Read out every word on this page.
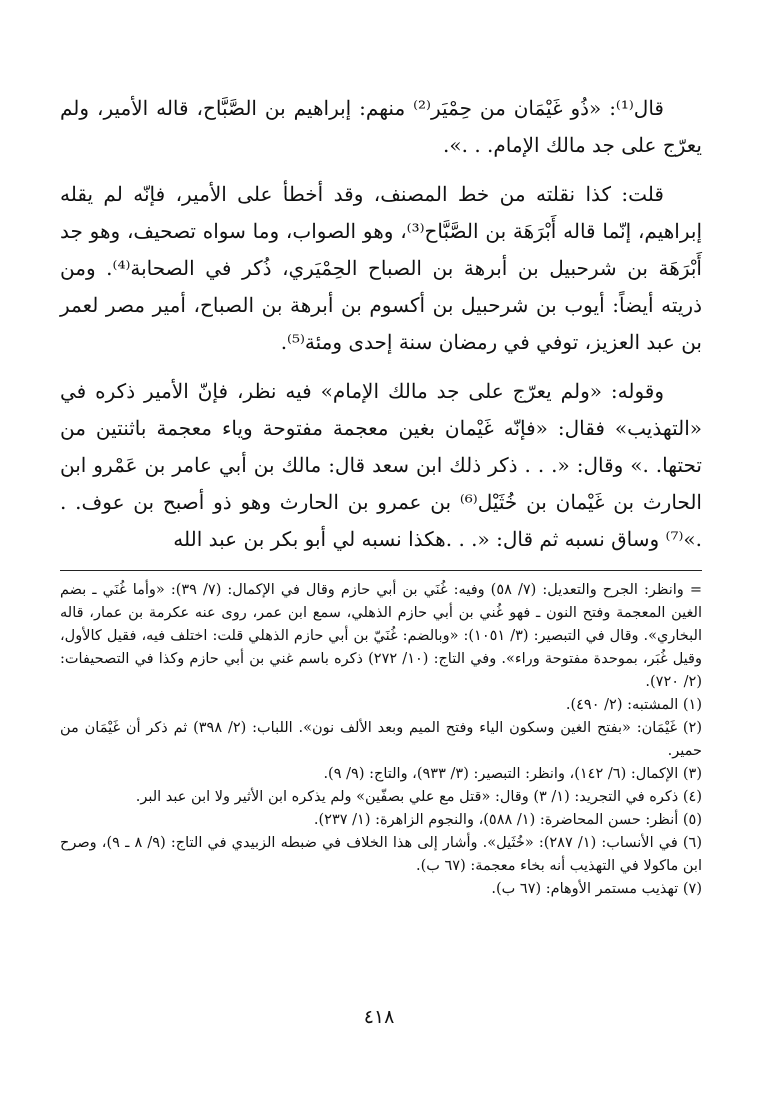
قال⁽¹⁾: «ذُو غَيْمَان من حِمْيَر⁽²⁾ منهم: إبراهيم بن الصَّبَّاح، قاله الأمير، ولم يعرّج على جد مالك الإمام. . .».

قلت: كذا نقلته من خط المصنف، وقد أخطأ على الأمير، فإنّه لم يقله إبراهيم، إنّما قاله أَبْرَهَة بن الصَّبَّاح⁽³⁾، وهو الصواب، وما سواه تصحيف، وهو جد أَبْرَهَة بن شرحبيل بن أبرهة بن الصباح الحِمْيَري، ذُكر في الصحابة⁽⁴⁾. ومن ذريته أيضاً: أيوب بن شرحبيل بن أكسوم بن أبرهة بن الصباح، أمير مصر لعمر بن عبد العزيز، توفي في رمضان سنة إحدى ومئة⁽⁵⁾.

وقوله: «ولم يعرّج على جد مالك الإمام» فيه نظر، فإنّ الأمير ذكره في «التهذيب» فقال: «فإنّه غَيْمان بغين معجمة مفتوحة وياء معجمة باثنتين من تحتها. .» وقال: «. . . ذكر ذلك ابن سعد قال: مالك بن أبي عامر بن عَمْرو ابن الحارث بن غَيْمان بن خُثَيْل⁽⁶⁾ بن عمرو بن الحارث وهو ذو أصبح بن عوف. . .»⁽⁷⁾ وساق نسبه ثم قال: «. . .هكذا نسبه لي أبو بكر بن عبد الله

= وانظر: الجرح والتعديل: (٧/ ٥٨) وفيه: غُنَي بن أبي حازم وقال في الإكمال: (٧/ ٣٩): «وأما غُنَي ـ بضم الغين المعجمة وفتح النون ـ فهو غُني بن أبي حازم الذهلي، سمع ابن عمر، روى عنه عكرمة بن عمار، قاله البخاري». وقال في التبصير: (٣/ ١٠٥١): «وبالضم: غُنَيّ بن أبي حازم الذهلي قلت: اختلف فيه، فقيل كالأول، وقيل غُبَر، بموحدة مفتوحة وراء». وفي التاج: (١٠/ ٢٧٢) ذكره باسم غني بن أبي حازم وكذا في التصحيفات: (٢/ ٧٢٠).

(١) المشتبه: (٢/ ٤٩٠).

(٢) غَيْمَان: «بفتح الغين وسكون الياء وفتح الميم وبعد الألف نون». اللباب: (٢/ ٣٩٨) ثم ذكر أن غَيْمَان من حمير.

(٣) الإكمال: (٦/ ١٤٢)، وانظر: التبصير: (٣/ ٩٣٣)، والتاج: (٩/ ٩).

(٤) ذكره في التجريد: (١/ ٣) وقال: «قتل مع علي بصفّين» ولم يذكره ابن الأثير ولا ابن عبد البر.

(٥) أنظر: حسن المحاضرة: (١/ ٥٨٨)، والنجوم الزاهرة: (١/ ٢٣٧).

(٦) في الأنساب: (١/ ٢٨٧): «خُثَيل». وأشار إلى هذا الخلاف في ضبطه الزبيدي في التاج: (٩/ ٨ ـ ٩)، وصرح ابن ماكولا في التهذيب أنه بخاء معجمة: (٦٧ ب).

(٧) تهذيب مستمر الأوهام: (٦٧ ب).

٤١٨
